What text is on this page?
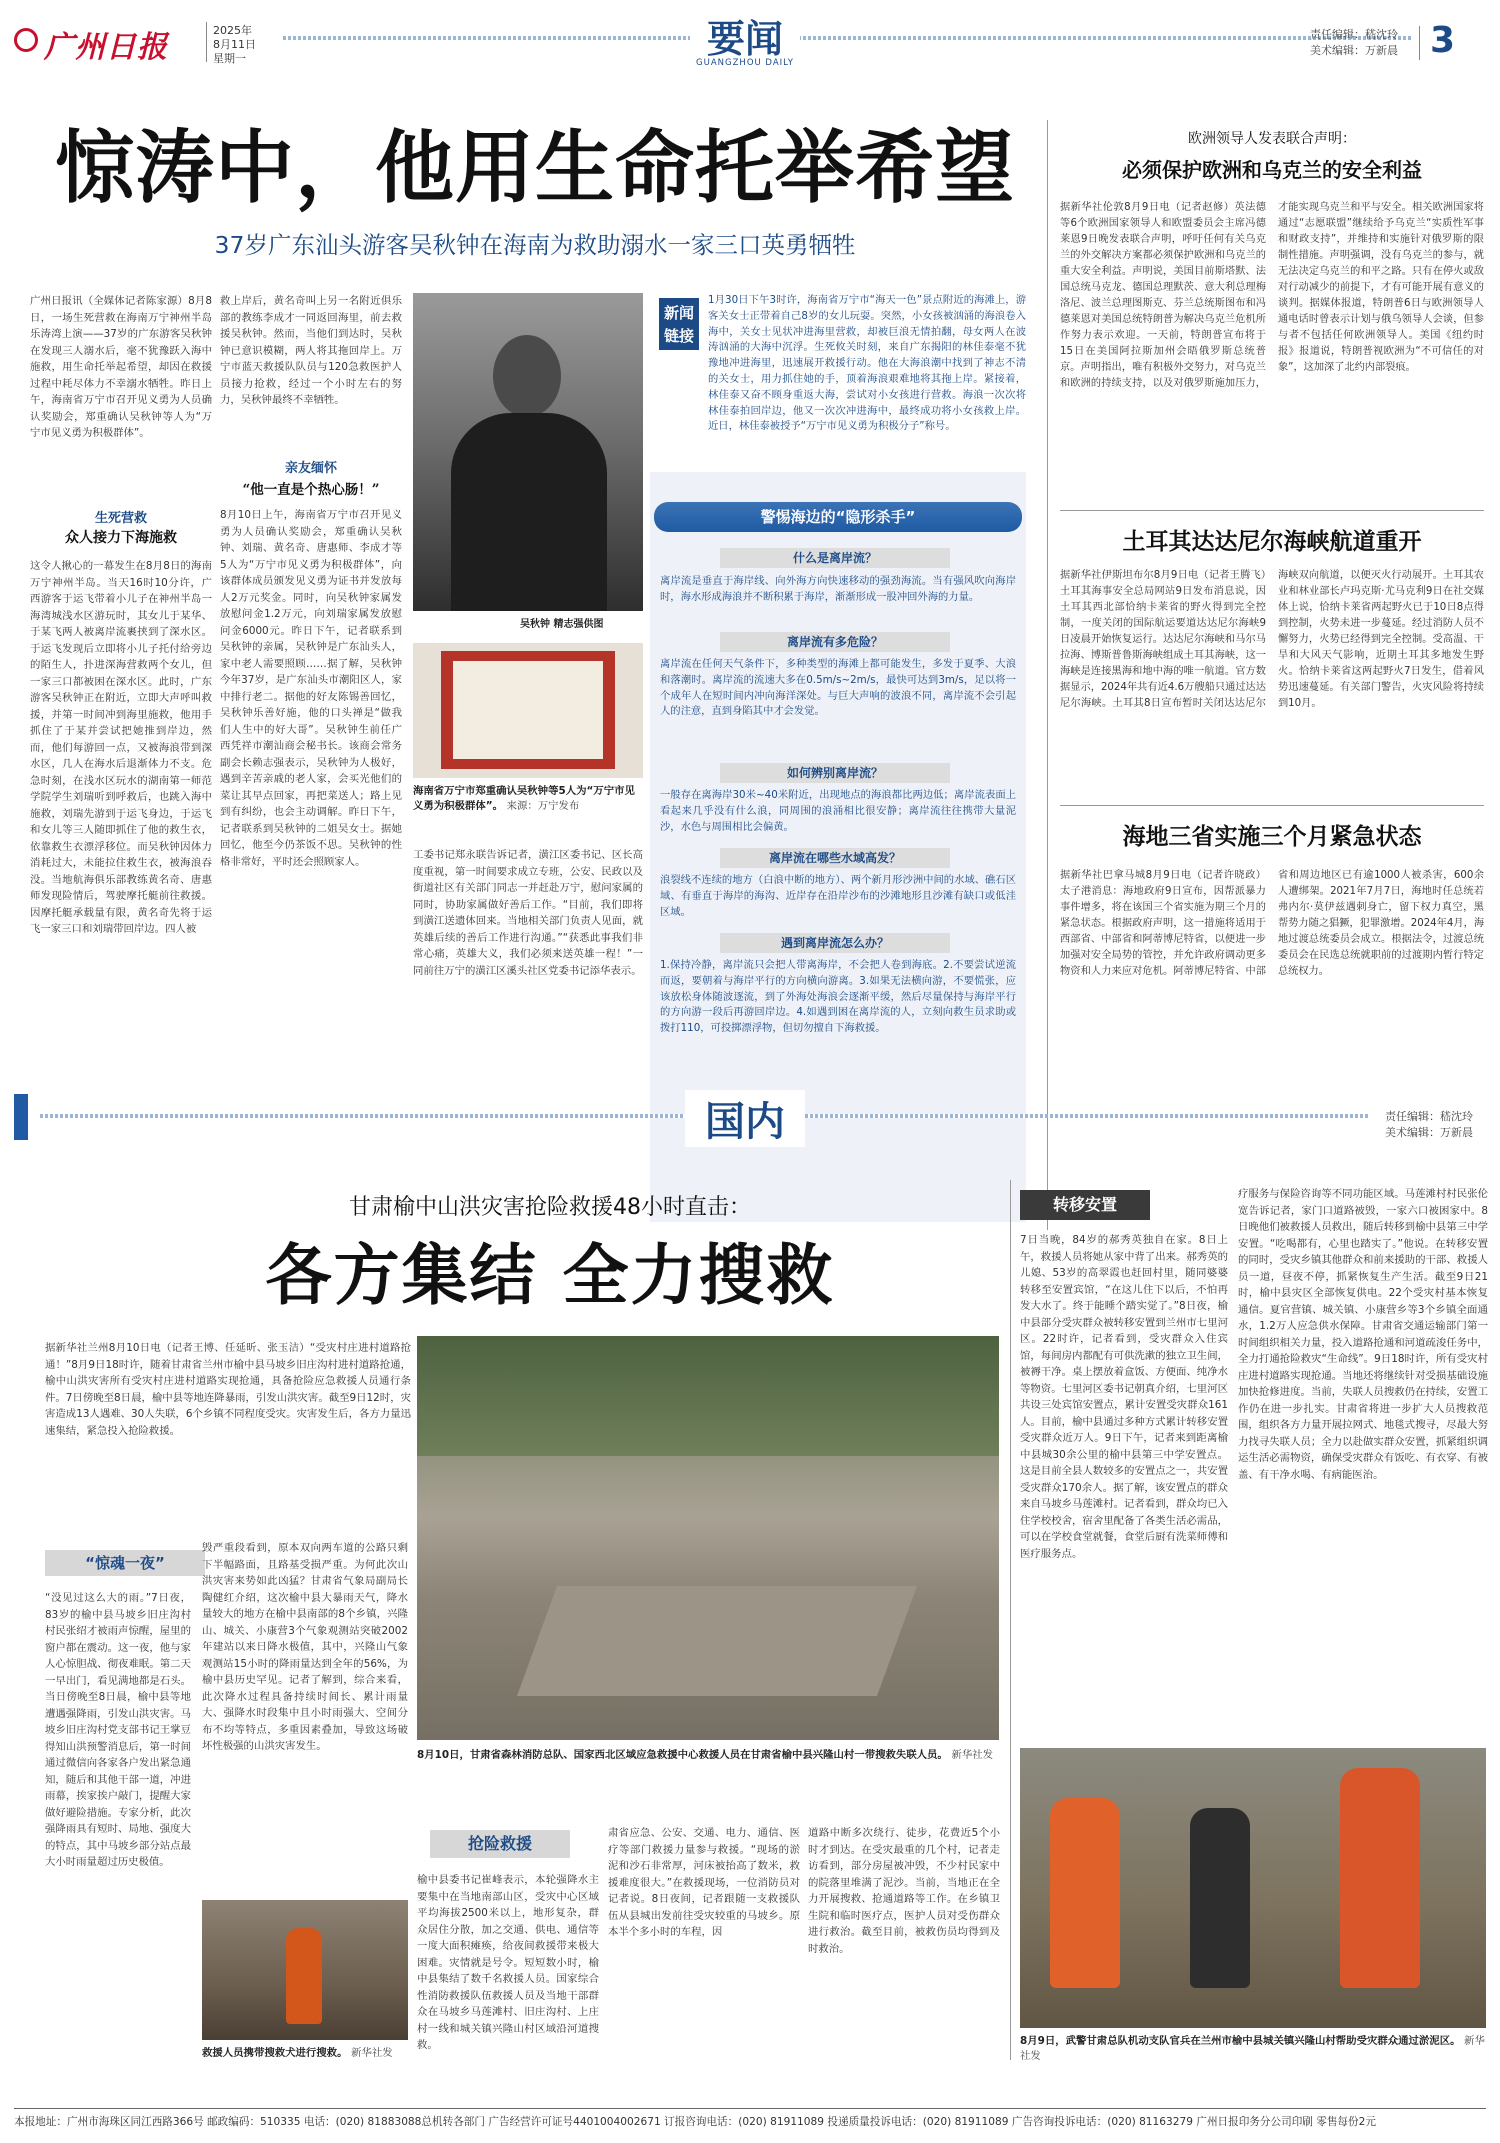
广州日报	2025年
8月11日
星期一	要闻
GUANGZHOU DAILY
责任编辑：嵇沈玲
美术编辑：万新晨 3
惊涛中，他用生命托举希望
37岁广东汕头游客吴秋钟在海南为救助溺水一家三口英勇牺牲
广州日报讯（全媒体记者陈家源）8月8日，一场生死营救在海南万宁神州半岛乐涛湾上演——37岁的广东游客吴秋钟在发现三人溺水后，毫不犹豫跃入海中施救，用生命托举起希望，却因在救援过程中耗尽体力不幸溺水牺牲。昨日上午，海南省万宁市召开见义勇为人员确认奖励会，郑重确认吴秋钟等人为“万宁市见义勇为积极群体”。
生死营救
众人接力下海施救
这令人揪心的一幕发生在8月8日的海南万宁神州半岛。当天16时10分许，广西游客于运飞带着小儿子在神州半岛一海湾城浅水区游玩时，其女儿于某华、于某飞两人被离岸流裹挟到了深水区。于运飞发现后立即将小儿子托付给旁边的陌生人，扑进深海营救两个女儿，但一家三口都被困在深水区。此时，广东游客吴秋钟正在附近，立即大声呼叫救援，并第一时间冲到海里施救，他用手抓住了于某并尝试把她推到岸边，然而，他们每游回一点，又被海浪带到深水区，几人在海水后退渐体力不支。危急时刻，在浅水区玩水的湖南第一师范学院学生刘瑞听到呼救后，也跳入海中施救，刘瑞先游到于运飞身边，于运飞和女儿等三人随即抓住了他的救生衣，依靠救生衣漂浮移位。而吴秋钟因体力消耗过大，未能拉住救生衣，被海浪吞没。当地航海俱乐部教练黄名奇、唐惠师发现险情后，驾驶摩托艇前往救援。因摩托艇承载量有限，黄名奇先将于运飞一家三口和刘瑞带回岸边。四人被
救上岸后，黄名奇叫上另一名附近俱乐部的教练李成才一同返回海里，前去救援吴秋钟。然而，当他们到达时，吴秋钟已意识模糊，两人将其拖回岸上。万宁市蓝天救援队队员与120急救医护人员接力抢救，经过一个小时左右的努力，吴秋钟最终不幸牺牲。
亲友缅怀
“他一直是个热心肠！”
8月10日上午，海南省万宁市召开见义勇为人员确认奖励会，郑重确认吴秋钟、刘瑞、黄名奇、唐惠师、李成才等5人为“万宁市见义勇为积极群体”，向该群体成员颁发见义勇为证书并发放每人2万元奖金。同时，向吴秋钟家属发放慰问金1.2万元，向刘瑞家属发放慰问金6000元。昨日下午，记者联系到吴秋钟的亲属，吴秋钟是广东汕头人，家中老人需要照顾……据了解，吴秋钟今年37岁，是广东汕头市潮阳区人，家中排行老二。据他的好友陈锡善回忆，吴秋钟乐善好施，他的口头禅是“做我们人生中的好大哥”。吴秋钟生前任广西凭祥市潮汕商会秘书长。该商会常务副会长赖志强表示，吴秋钟为人极好，遇到辛苦亲戚的老人家，会买光他们的菜让其早点回家，再把菜送人；路上见到有纠纷，也会主动调解。昨日下午，记者联系到吴秋钟的二姐吴女士。据她回忆，他至今仍茶饭不思。吴秋钟的性格非常好，平时还会照顾家人。
吴秋钟 精志强供图
海南省万宁市郑重确认吴秋钟等5人为“万宁市见义勇为积极群体”。 来源：万宁发布
工委书记郑永联告诉记者，潢江区委书记、区长高度重视，第一时间要求成立专班，公安、民政以及街道社区有关部门同志一并赶赴万宁，慰问家属的同时，协助家属做好善后工作。“目前，我们即将到潢江送遗体回来。当地相关部门负责人见面，就英雄后续的善后工作进行沟通。”“获悉此事我们非常心痛，英雄大义，我们必须来送英雄一程！”一同前往万宁的潢江区溪头社区党委书记添华表示。
新闻链接
1月30日下午3时许，海南省万宁市“海天一色”景点附近的海滩上，游客关女士正带着自己8岁的女儿玩耍。突然，小女孩被汹涌的海浪卷入海中，关女士见状冲进海里营救，却被巨浪无情拍翻，母女两人在波涛汹涌的大海中沉浮。生死攸关时刻，来自广东揭阳的林佳泰毫不犹豫地冲进海里，迅速展开救援行动。他在大海浪潮中找到了神志不清的关女士，用力抓住她的手，顶着海浪艰难地将其拖上岸。紧接着，林佳泰又奋不顾身重返大海，尝试对小女孩进行营救。海浪一次次将林佳泰拍回岸边，他又一次次冲进海中，最终成功将小女孩救上岸。近日，林佳泰被授予“万宁市见义勇为积极分子”称号。
警惕海边的“隐形杀手”
什么是离岸流？
离岸流是垂直于海岸线、向外海方向快速移动的强劲海流。当有强风吹向海岸时，海水形成海浪并不断积累于海岸，渐渐形成一股冲回外海的力量。
离岸流有多危险？
离岸流在任何天气条件下，多种类型的海滩上都可能发生，多发于夏季、大浪和落潮时。离岸流的流速大多在0.5m/s~2m/s，最快可达到3m/s，足以将一个成年人在短时间内冲向海洋深处。与巨大声响的波浪不同，离岸流不会引起人的注意，直到身陷其中才会发觉。
如何辨别离岸流？
一般存在离海岸30米~40米附近，出现地点的海浪都比两边低；离岸流表面上看起来几乎没有什么浪，同周围的浪涌相比很安静；离岸流往往携带大量泥沙，水色与周围相比会偏黄。
离岸流在哪些水域高发？
浪裂线不连续的地方（白浪中断的地方）、两个新月形沙洲中间的水域、礁石区域、有垂直于海岸的海沟、近岸存在沿岸沙布的沙滩地形且沙滩有缺口或低洼区域。
遇到离岸流怎么办？
1.保持冷静，离岸流只会把人带离海岸，不会把人卷到海底。2.不要尝试逆流而返，要朝着与海岸平行的方向横向游离。3.如果无法横向游，不要慌张，应该放松身体随波逐流，到了外海处海浪会逐渐平缓，然后尽量保持与海岸平行的方向游一段后再游回岸边。4.如遇到困在离岸流的人，立刻向救生员求助或拨打110，可投掷漂浮物，但切勿擅自下海救援。
欧洲领导人发表联合声明：
必须保护欧洲和乌克兰的安全利益
据新华社伦敦8月9日电（记者赵修）英法德等6个欧洲国家领导人和欧盟委员会主席冯德莱恩9日晚发表联合声明，呼吁任何有关乌克兰的外交解决方案都必须保护欧洲和乌克兰的重大安全利益。声明说，美国目前斯塔默、法国总统马克龙、德国总理默茨、意大利总理梅洛尼、波兰总理图斯克、芬兰总统斯图布和冯德莱恩对美国总统特朗普为解决乌克兰危机所作努力表示欢迎。一天前，特朗普宣布将于15日在美国阿拉斯加州会晤俄罗斯总统普京。声明指出，唯有积极外交努力，对乌克兰和欧洲的持续支持，以及对俄罗斯施加压力，才能实现乌克兰和平与安全。相关欧洲国家将通过“志愿联盟”继续给予乌克兰“实质性军事和财政支持”，并维持和实施针对俄罗斯的限制性措施。声明强调，没有乌克兰的参与，就无法决定乌克兰的和平之路。只有在停火或敌对行动减少的前提下，才有可能开展有意义的谈判。据媒体报道，特朗普6日与欧洲领导人通电话时曾表示计划与俄乌领导人会谈，但参与者不包括任何欧洲领导人。美国《纽约时报》报道说，特朗普视欧洲为“不可信任的对象”，这加深了北约内部裂痕。
土耳其达达尼尔海峡航道重开
据新华社伊斯坦布尔8月9日电（记者王腾飞）土耳其海事安全总局网站9日发布消息说，因土耳其西北部恰纳卡莱省的野火得到完全控制，一度关闭的国际航运要道达达尼尔海峡9日凌晨开始恢复运行。达达尼尔海峡和马尔马拉海、博斯普鲁斯海峡组成土耳其海峡，这一海峡是连接黑海和地中海的唯一航道。官方数据显示，2024年共有近4.6万艘船只通过达达尼尔海峡。土耳其8日宣布暂时关闭达达尼尔海峡双向航道，以便灭火行动展开。土耳其农业和林业部长卢玛克斯·尤马克利9日在社交媒体上说，恰纳卡莱省两起野火已于10日8点得到控制，火势未进一步蔓延。经过消防人员不懈努力，火势已经得到完全控制。受高温、干旱和大风天气影响，近期土耳其多地发生野火。恰纳卡莱省这两起野火7日发生，借着风势迅速蔓延。有关部门警告，火灾风险将持续到10月。
海地三省实施三个月紧急状态
据新华社巴拿马城8月9日电（记者许晓政）太子港消息：海地政府9日宣布，因帮派暴力事件增多，将在该国三个省实施为期三个月的紧急状态。根据政府声明，这一措施将适用于西部省、中部省和阿蒂博尼特省，以便进一步加强对安全局势的管控，并允许政府调动更多物资和人力来应对危机。阿蒂博尼特省、中部省和周边地区已有逾1000人被杀害，600余人遭绑架。2021年7月7日，海地时任总统若弗内尔·莫伊兹遇刺身亡，留下权力真空，黑帮势力随之猖獗，犯罪激增。2024年4月，海地过渡总统委员会成立。根据法令，过渡总统委员会在民选总统就职前的过渡期内暂行特定总统权力。
国内	责任编辑：嵇沈玲
美术编辑：万新晨
甘肃榆中山洪灾害抢险救援48小时直击：
各方集结 全力搜救
据新华社兰州8月10日电（记者王博、任延昕、张玉洁）“受灾村庄进村道路抢通！”8月9日18时许，随着甘肃省兰州市榆中县马坡乡旧庄沟村进村道路抢通，榆中山洪灾害所有受灾村庄进村道路实现抢通，具备抢险应急救援人员通行条件。7日傍晚至8日晨，榆中县等地连降暴雨，引发山洪灾害。截至9日12时，灾害造成13人遇难、30人失联，6个乡镇不同程度受灾。灾害发生后，各方力量迅速集结，紧急投入抢险救援。
“惊魂一夜”
“没见过这么大的雨。”7日夜，83岁的榆中县马坡乡旧庄沟村村民张绍才被雨声惊醒，屋里的窗户都在震动。这一夜，他与家人心惊胆战、彻夜难眠。第二天一早出门，看见满地都是石头。当日傍晚至8日晨，榆中县等地遭遇强降雨，引发山洪灾害。马坡乡旧庄沟村党支部书记王掌豆得知山洪预警消息后，第一时间通过微信向各家各户发出紧急通知，随后和其他干部一道，冲进雨幕，挨家挨户敲门，提醒大家做好避险措施。专家分析，此次强降雨具有短时、局地、强度大的特点，其中马坡乡部分站点最大小时雨量超过历史极值。
毁严重段看到，原本双向两车道的公路只剩下半幅路面，且路基受损严重。为何此次山洪灾害来势如此凶猛？甘肃省气象局副局长陶健红介绍，这次榆中县大暴雨天气，降水量较大的地方在榆中县南部的8个乡镇，兴隆山、城关、小康营3个气象观测站突破2002年建站以来日降水极值，其中，兴隆山气象观测站15小时的降雨量达到全年的56%，为榆中县历史罕见。记者了解到，综合来看，此次降水过程具备持续时间长、累计雨量大、强降水时段集中且小时雨强大、空间分布不均等特点，多重因素叠加，导致这场破坏性极强的山洪灾害发生。
救援人员携带搜救犬进行搜救。 新华社发
8月10日，甘肃省森林消防总队、国家西北区域应急救援中心救援人员在甘肃省榆中县兴隆山村一带搜救失联人员。 新华社发
抢险救援
榆中县委书记崔峰表示，本轮强降水主要集中在当地南部山区，受灾中心区域平均海拔2500米以上，地形复杂，群众居住分散，加之交通、供电、通信等一度大面积瘫痪，给夜间救援带来极大困难。灾情就是号令。短短数小时，榆中县集结了数千名救援人员。国家综合性消防救援队伍救援人员及当地干部群众在马坡乡马莲滩村、旧庄沟村、上庄村一线和城关镇兴隆山村区域沿河道搜救。
肃省应急、公安、交通、电力、通信、医疗等部门救援力量参与救援。“现场的淤泥和沙石非常厚，河床被抬高了数米，救援难度很大。”在救援现场，一位消防员对记者说。8日夜间，记者跟随一支救援队伍从县城出发前往受灾较重的马坡乡。原本半个多小时的车程，因
道路中断多次绕行、徒步，花费近5个小时才到达。在受灾最重的几个村，记者走访看到，部分房屋被冲毁，不少村民家中的院落里堆满了泥沙。当前，当地正在全力开展搜救、抢通道路等工作。在乡镇卫生院和临时医疗点，医护人员对受伤群众进行救治。截至目前，被救伤员均得到及时救治。
转移安置
7日当晚，84岁的郝秀英独自在家。8日上午，救援人员将她从家中背了出来。郝秀英的儿媳、53岁的高翠霞也赶回村里，随同婆婆转移至安置宾馆，“在这儿住下以后，不怕再发大水了。终于能睡个踏实觉了。”8日夜，榆中县部分受灾群众被转移安置到兰州市七里河区。22时许，记者看到，受灾群众入住宾馆，每间房内都配有可供洗漱的独立卫生间，被褥干净。桌上摆放着盒饭、方便面、纯净水等物资。七里河区委书记朝真介绍，七里河区共设三处宾馆安置点，累计安置受灾群众161人。目前，榆中县通过多种方式累计转移安置受灾群众近万人。9日下午，记者来到距离榆中县城30余公里的榆中县第三中学安置点。这是目前全县人数较多的安置点之一，共安置受灾群众170余人。据了解，该安置点的群众来自马坡乡马莲滩村。记者看到，群众均已入住学校校舍，宿舍里配备了各类生活必需品，可以在学校食堂就餐，食堂后厨有洗菜师傅和医疗服务点。
疗服务与保险咨询等不同功能区域。马莲滩村村民张伦宽告诉记者，家门口道路被毁，一家六口被困家中。8日晚他们被救援人员救出，随后转移到榆中县第三中学安置。“吃喝都有，心里也踏实了。”他说。在转移安置的同时，受灾乡镇其他群众和前来援助的干部、救援人员一道，昼夜不停，抓紧恢复生产生活。截至9日21时，榆中县灾区全部恢复供电。22个受灾村基本恢复通信。夏官营镇、城关镇、小康营乡等3个乡镇全面通水，1.2万人应急供水保障。甘肃省交通运输部门第一时间组织相关力量，投入道路抢通和河道疏浚任务中，全力打通抢险救灾“生命线”。9日18时许，所有受灾村庄进村道路实现抢通。当地还将继续针对受损基础设施加快抢修进度。当前，失联人员搜救仍在持续，安置工作仍在进一步扎实。甘肃省将进一步扩大人员搜救范围，组织各方力量开展拉网式、地毯式搜寻，尽最大努力找寻失联人员；全力以赴做实群众安置，抓紧组织调运生活必需物资，确保受灾群众有饭吃、有衣穿、有被盖、有干净水喝、有病能医治。
8月9日，武警甘肃总队机动支队官兵在兰州市榆中县城关镇兴隆山村帮助受灾群众通过淤泥区。 新华社发
本报地址：广州市海珠区同江西路366号 邮政编码：510335 电话：(020) 81883088总机转各部门 广告经营许可证号4401004002671 订报咨询电话：(020) 81911089 投递质量投诉电话：(020) 81911089 广告咨询投诉电话：(020) 81163279 广州日报印务分公司印刷 零售每份2元
